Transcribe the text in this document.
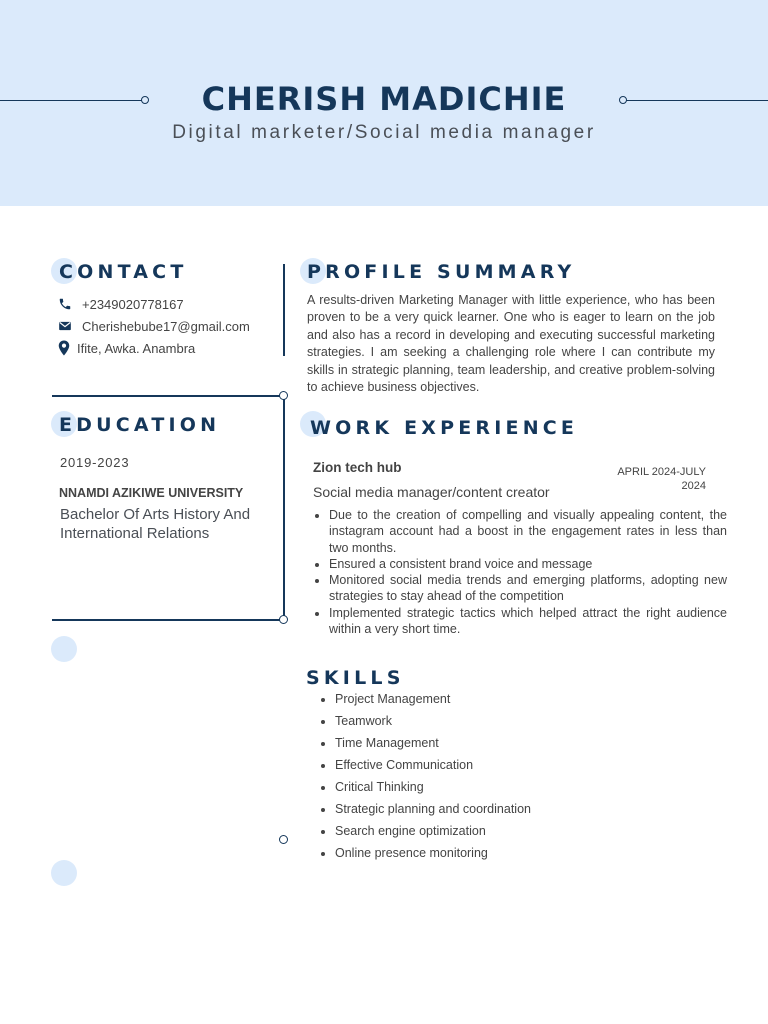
CHERISH MADICHIE
Digital marketer/Social media manager
CONTACT
+2349020778167
Cherishebube17@gmail.com
Ifite, Awka. Anambra
EDUCATION
2019-2023
NNAMDI AZIKIWE UNIVERSITY
Bachelor Of Arts History And International Relations
PROFILE SUMMARY
A results-driven Marketing Manager with little experience, who has been proven to be a very quick learner. One who is eager to learn on the job and also has a record in developing and executing successful marketing strategies. I am seeking a challenging role where I can contribute my skills in strategic planning, team leadership, and creative problem-solving to achieve business objectives.
WORK EXPERIENCE
Zion tech hub	APRIL 2024-JULY
2024
Social media manager/content creator
• Due to the creation of compelling and visually appealing content, the instagram account had a boost in the engagement rates in less than two months.
• Ensured a consistent brand voice and message
• Monitored social media trends and emerging platforms, adopting new strategies to stay ahead of the competition
• Implemented strategic tactics which helped attract the right audience within a very short time.
SKILLS
• Project Management
• Teamwork
• Time Management
• Effective Communication
• Critical Thinking
• Strategic planning and coordination
• Search engine optimization
• Online presence monitoring
